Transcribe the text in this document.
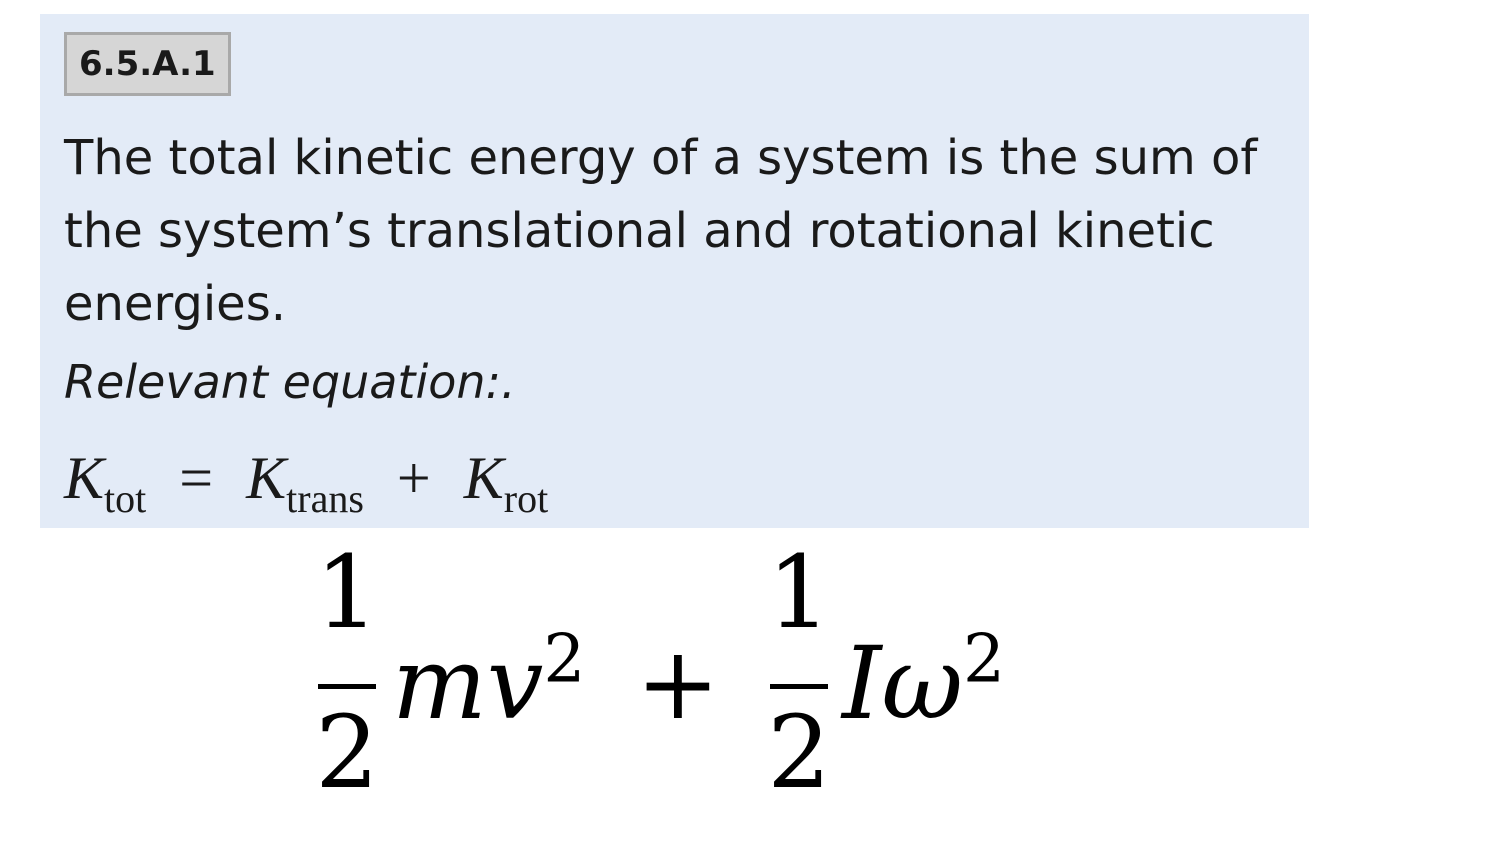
6.5.A.1

The total kinetic energy of a system is the sum of the system’s translational and rotational kinetic energies.

Relevant equation:.

$K_{tot} = K_{trans} + K_{rot}$
1
2
$mv^2$ +
1
2
$I\omega^2$
